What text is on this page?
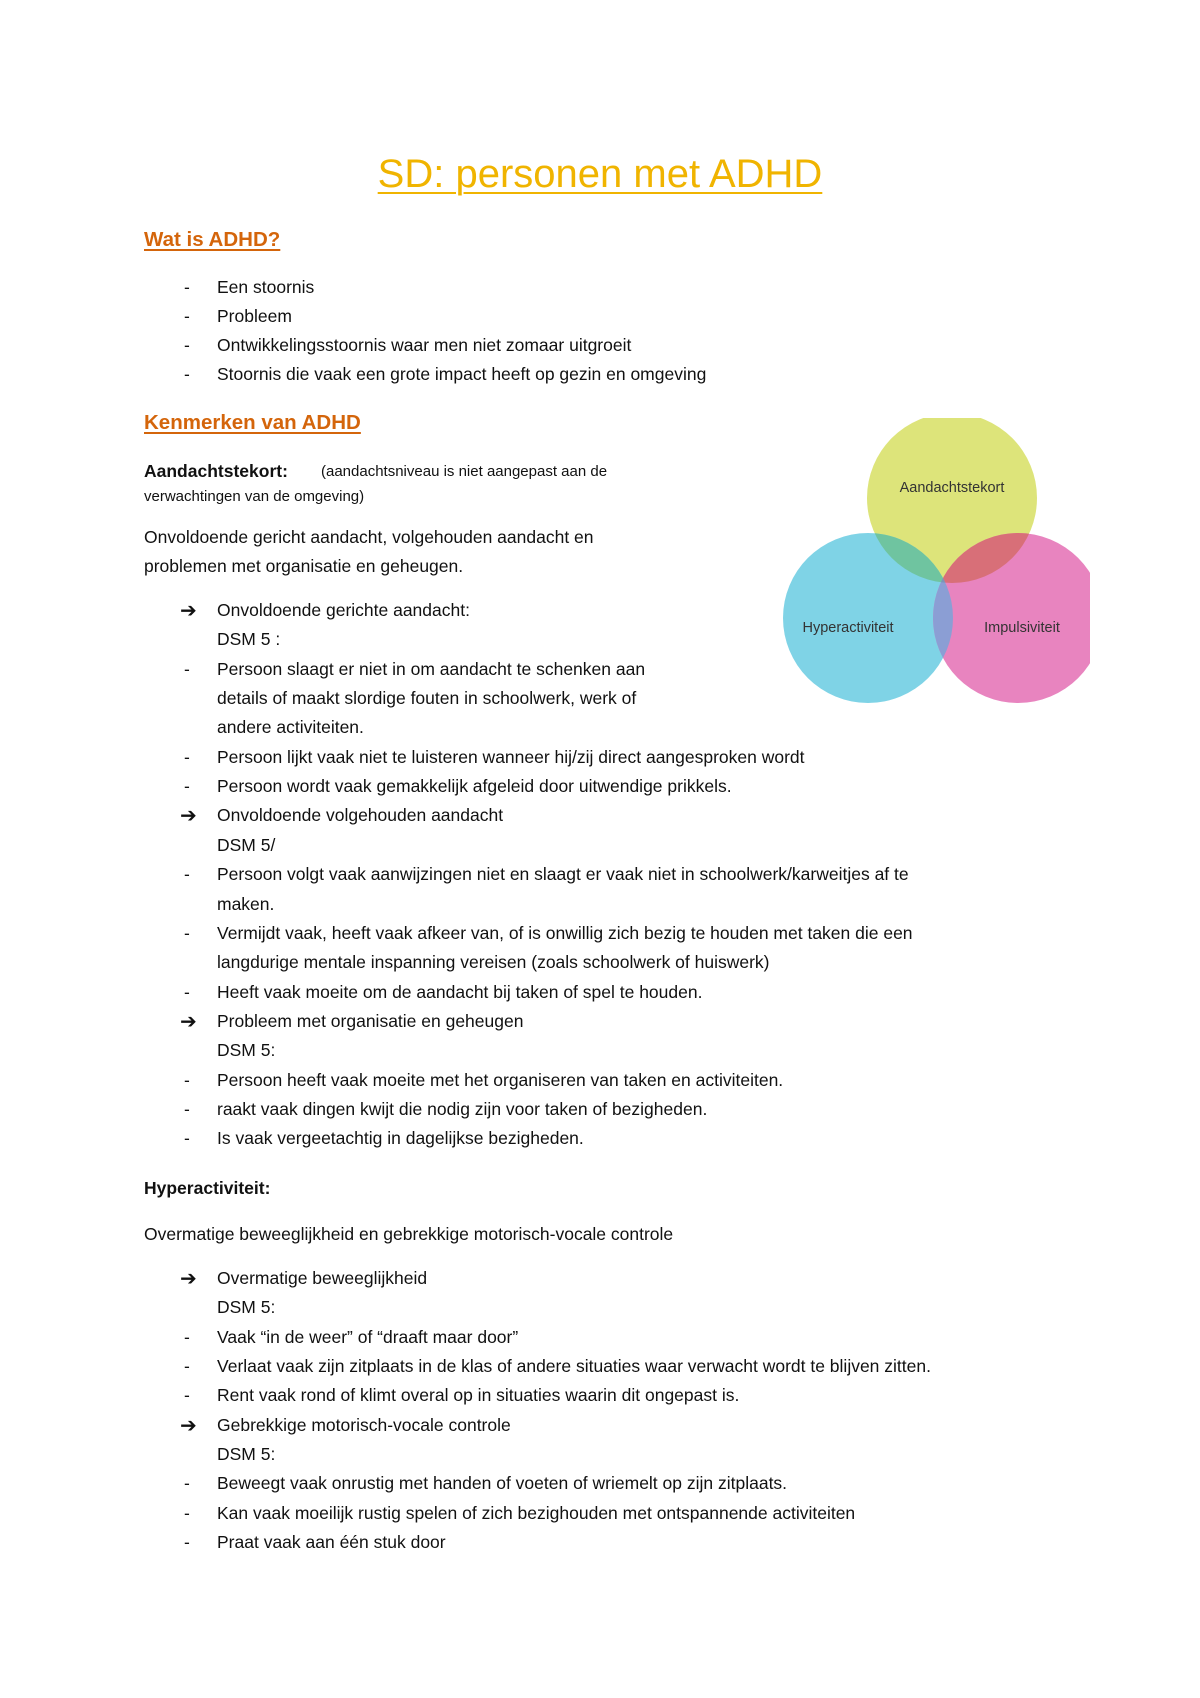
SD: personen met ADHD
Wat is ADHD?
- Een stoornis
- Probleem
- Ontwikkelingsstoornis waar men niet zomaar uitgroeit
- Stoornis die vaak een grote impact heeft op gezin en omgeving
Kenmerken van ADHD
Aandachtstekort: (aandachtsniveau is niet aangepast aan de
verwachtingen van de omgeving)
Onvoldoende gericht aandacht, volgehouden aandacht en
problemen met organisatie en geheugen.
➔ Onvoldoende gerichte aandacht:
DSM 5 :
- Persoon slaagt er niet in om aandacht te schenken aan
details of maakt slordige fouten in schoolwerk, werk of
andere activiteiten.
- Persoon lijkt vaak niet te luisteren wanneer hij/zij direct aangesproken wordt
- Persoon wordt vaak gemakkelijk afgeleid door uitwendige prikkels.
➔ Onvoldoende volgehouden aandacht
DSM 5/
- Persoon volgt vaak aanwijzingen niet en slaagt er vaak niet in schoolwerk/karweitjes af te
maken.
- Vermijdt vaak, heeft vaak afkeer van, of is onwillig zich bezig te houden met taken die een
langdurige mentale inspanning vereisen (zoals schoolwerk of huiswerk)
- Heeft vaak moeite om de aandacht bij taken of spel te houden.
➔ Probleem met organisatie en geheugen
DSM 5:
- Persoon heeft vaak moeite met het organiseren van taken en activiteiten.
- raakt vaak dingen kwijt die nodig zijn voor taken of bezigheden.
- Is vaak vergeetachtig in dagelijkse bezigheden.
Hyperactiviteit:
Overmatige beweeglijkheid en gebrekkige motorisch-vocale controle
➔ Overmatige beweeglijkheid
DSM 5:
- Vaak “in de weer” of “draaft maar door”
- Verlaat vaak zijn zitplaats in de klas of andere situaties waar verwacht wordt te blijven zitten.
- Rent vaak rond of klimt overal op in situaties waarin dit ongepast is.
➔ Gebrekkige motorisch-vocale controle
DSM 5:
- Beweegt vaak onrustig met handen of voeten of wriemelt op zijn zitplaats.
- Kan vaak moeilijk rustig spelen of zich bezighouden met ontspannende activiteiten
- Praat vaak aan één stuk door
Aandachtstekort
Hyperactiviteit	Impulsiviteit
